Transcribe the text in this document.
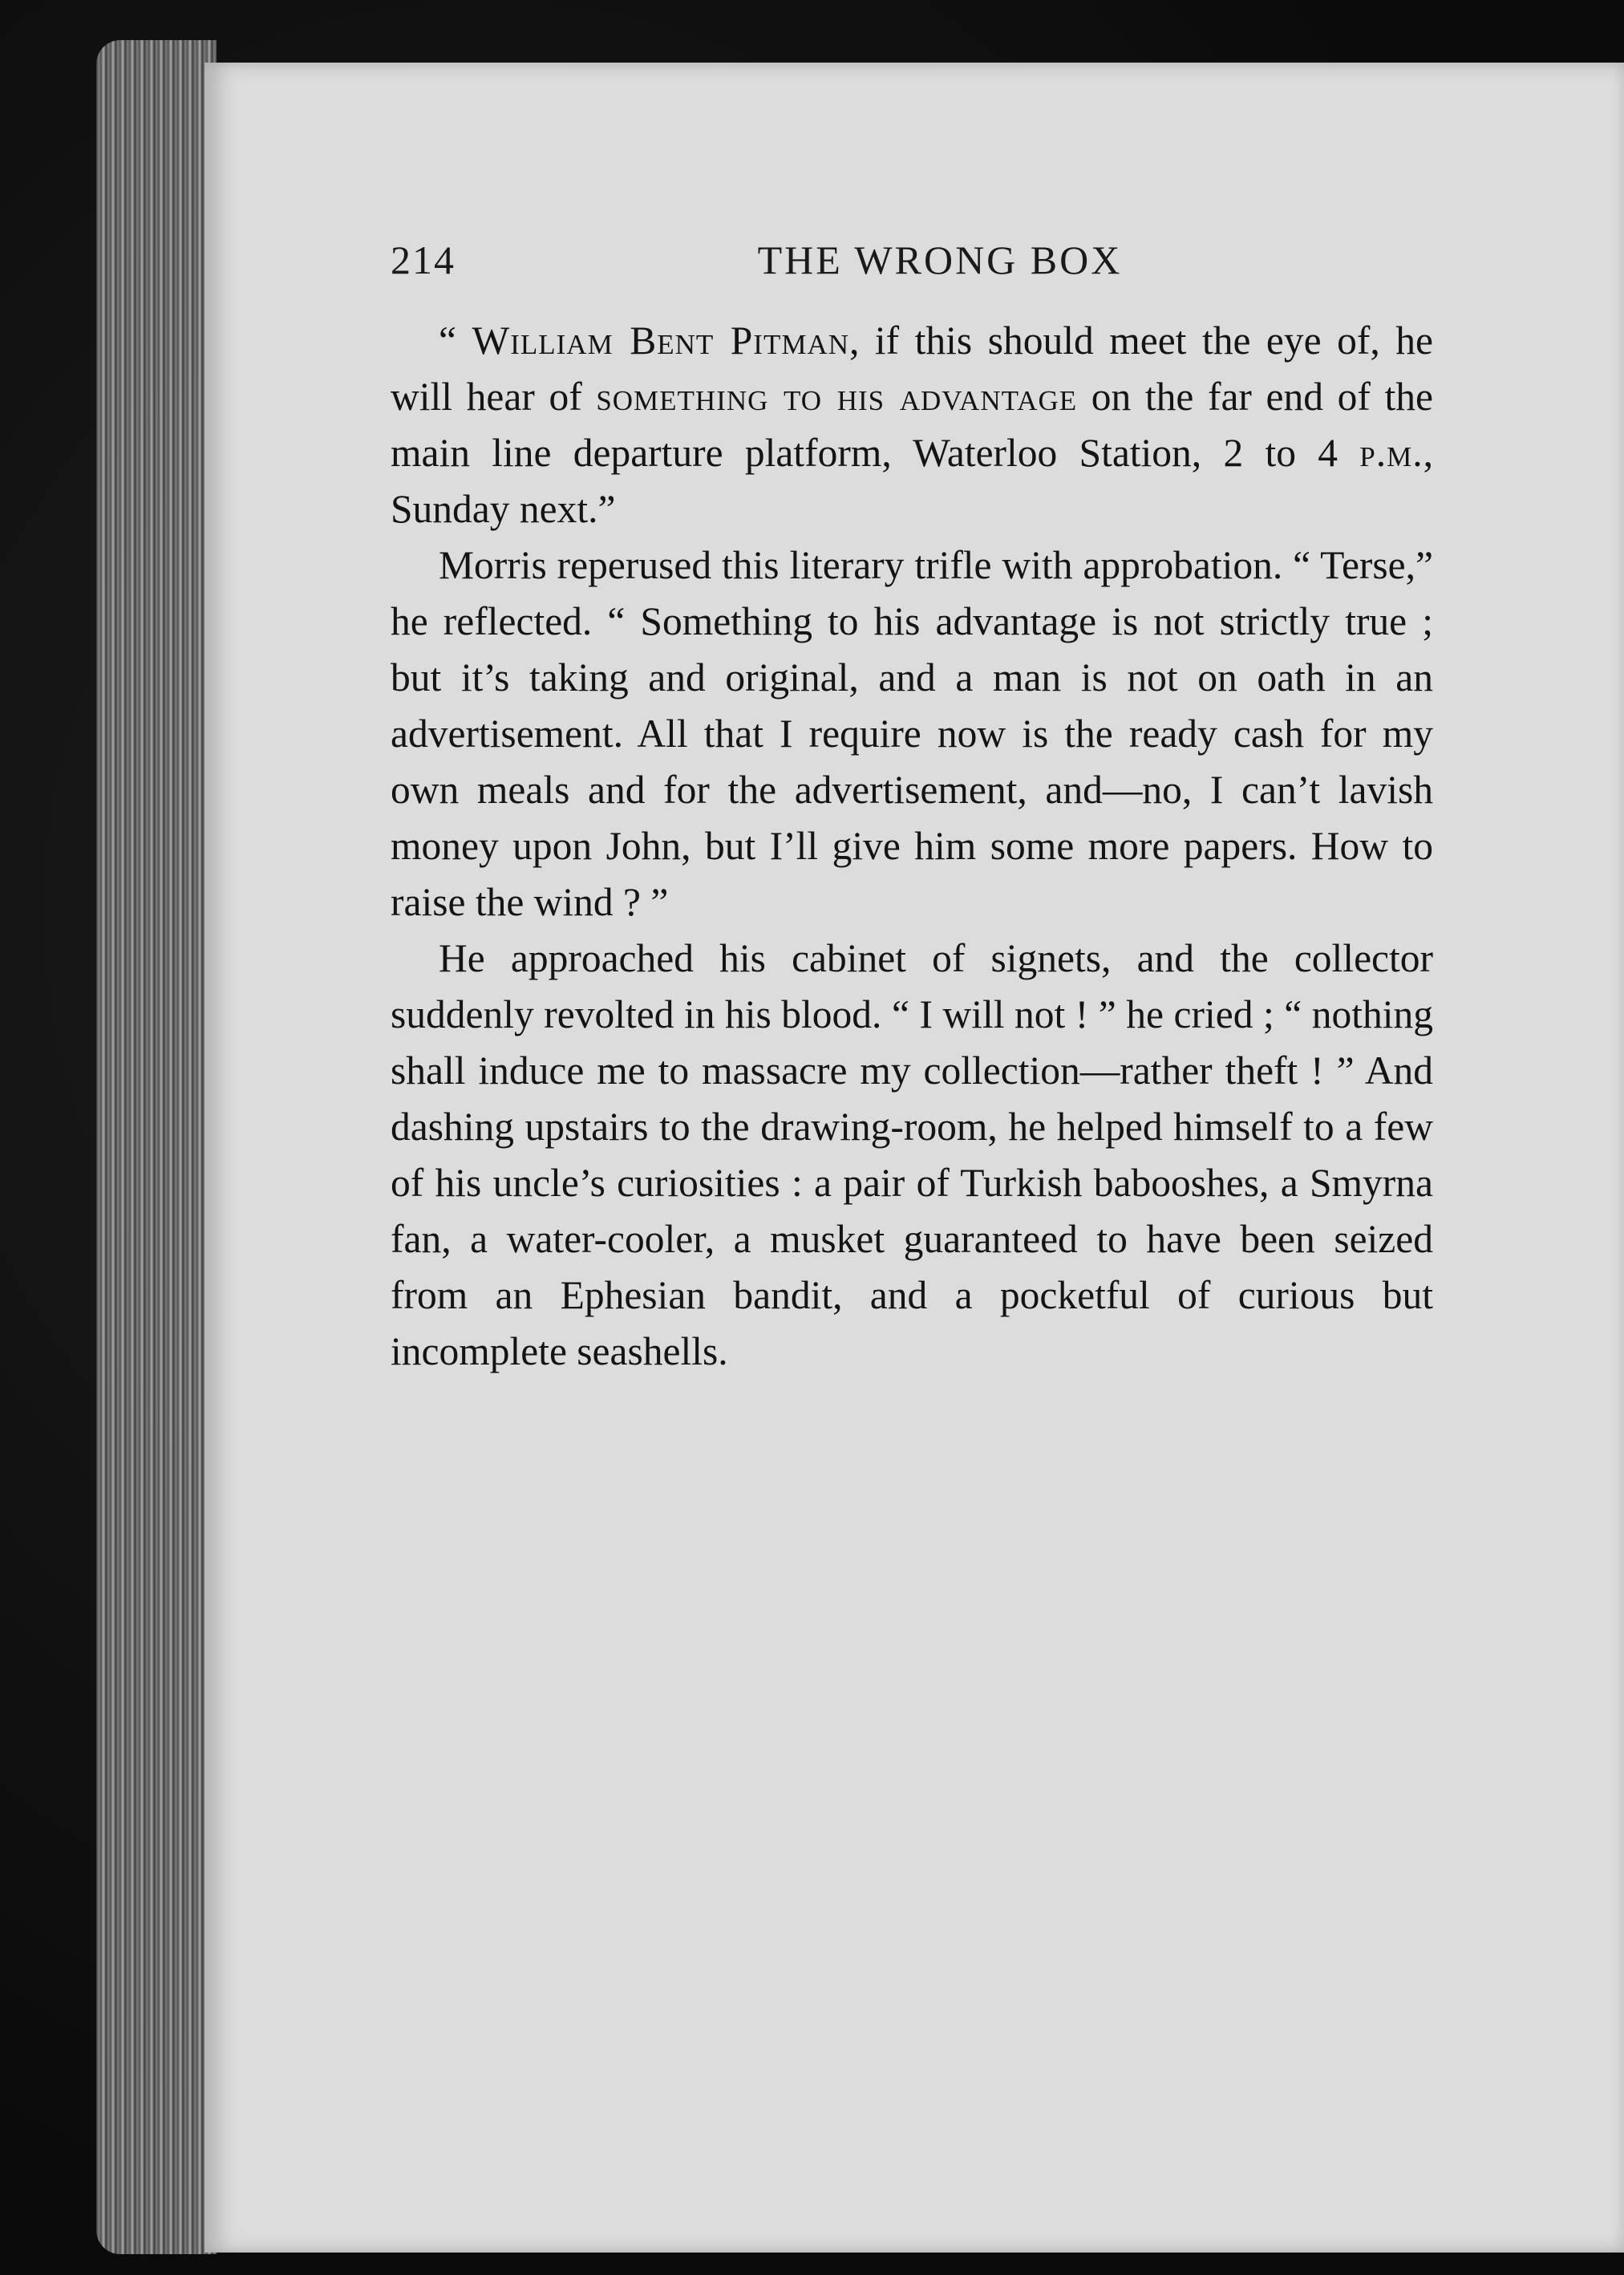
214	THE WRONG BOX

“ William Bent Pitman, if this should meet the eye of, he will hear of something to his advantage on the far end of the main line departure platform, Waterloo Station, 2 to 4 p.m., Sunday next.”

Morris reperused this literary trifle with approbation. “ Terse,” he reflected. “ Something to his advantage is not strictly true ; but it’s taking and original, and a man is not on oath in an advertisement. All that I require now is the ready cash for my own meals and for the advertisement, and—no, I can’t lavish money upon John, but I’ll give him some more papers. How to raise the wind ? ”

He approached his cabinet of signets, and the collector suddenly revolted in his blood. “ I will not ! ” he cried ; “ nothing shall induce me to massacre my collection—rather theft ! ” And dashing upstairs to the drawing-room, he helped himself to a few of his uncle’s curiosities : a pair of Turkish babooshes, a Smyrna fan, a water-cooler, a musket guaranteed to have been seized from an Ephesian bandit, and a pocketful of curious but incomplete seashells.
